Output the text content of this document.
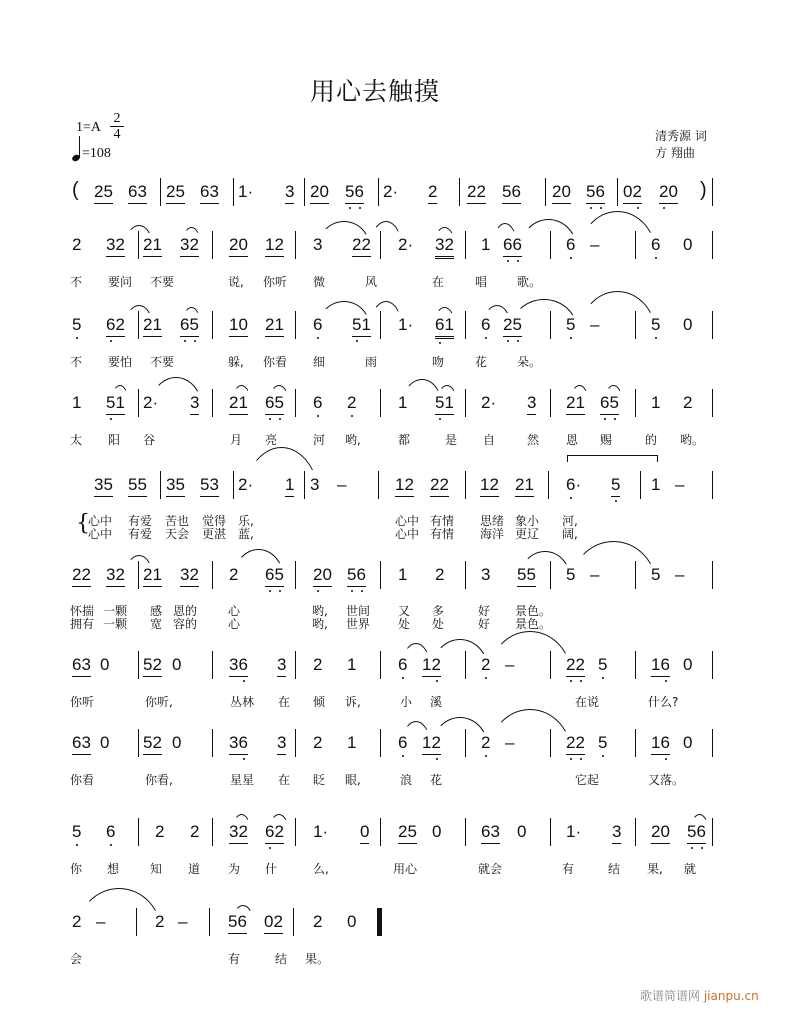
用心去触摸
1=A
2
4
=108
清秀源 词
方 翔曲
(	)
25 63 25 63 1· 3 20 56 2· 2 22 56 20 56 02 20
2 32 21 32 20 12 3 22 2· 32 1 66	6 –	6 0
不 要问 不要	说, 你听 微	风	在	唱 歌。
5 62 21 65 10 21 6 51 1· 61 6 25	5 –	5 0
不 要怕 不要	躲, 你看 细	雨	吻	花 朵。
1 51 2· 3 21 65 6 2 1 51 2· 3 21 65 1 2
太 阳 谷	月 亮	河 哟,	都	是 自	然 恩 赐	的 哟。
35 55 35 53 2· 1 3 –	12 22 12 21 6· 5 1 –
{
心中
心中
有爱
有爱
苦也
天会
觉得
更湛
乐,
蓝,
心中
心中
有情
有情
思绪
海洋
象小
更辽
河,
阔,
22 32 21 32 2 65 20 56 1 2 3 55 5 –	5 –
怀揣
拥有
一颗
一颗
感
宽
恩的
容的
心
心
哟,
哟,
世间
世界
又
处
多
处
好
好
景色。
景色。
63 0 52 0	36 3 2 1 6 12 2 –	22 5	16 0
你听	你听,	丛林 在 倾 诉,	小 溪	在说	什么?
63 0 52 0	36 3 2 1 6 12 2 –	22 5	16 0
你看	你看,	星星 在 眨 眼,	浪 花	它起	又落。
5 6 2 2 32 62 1· 0 25 0 63 0 1· 3 20 56
你 想	知 道 为 什	么,	用心	就会	有	结 果, 就
2 –	2 – 56 02 2 0
会	有	结 果。
歌谱简谱网 jianpu.cn
